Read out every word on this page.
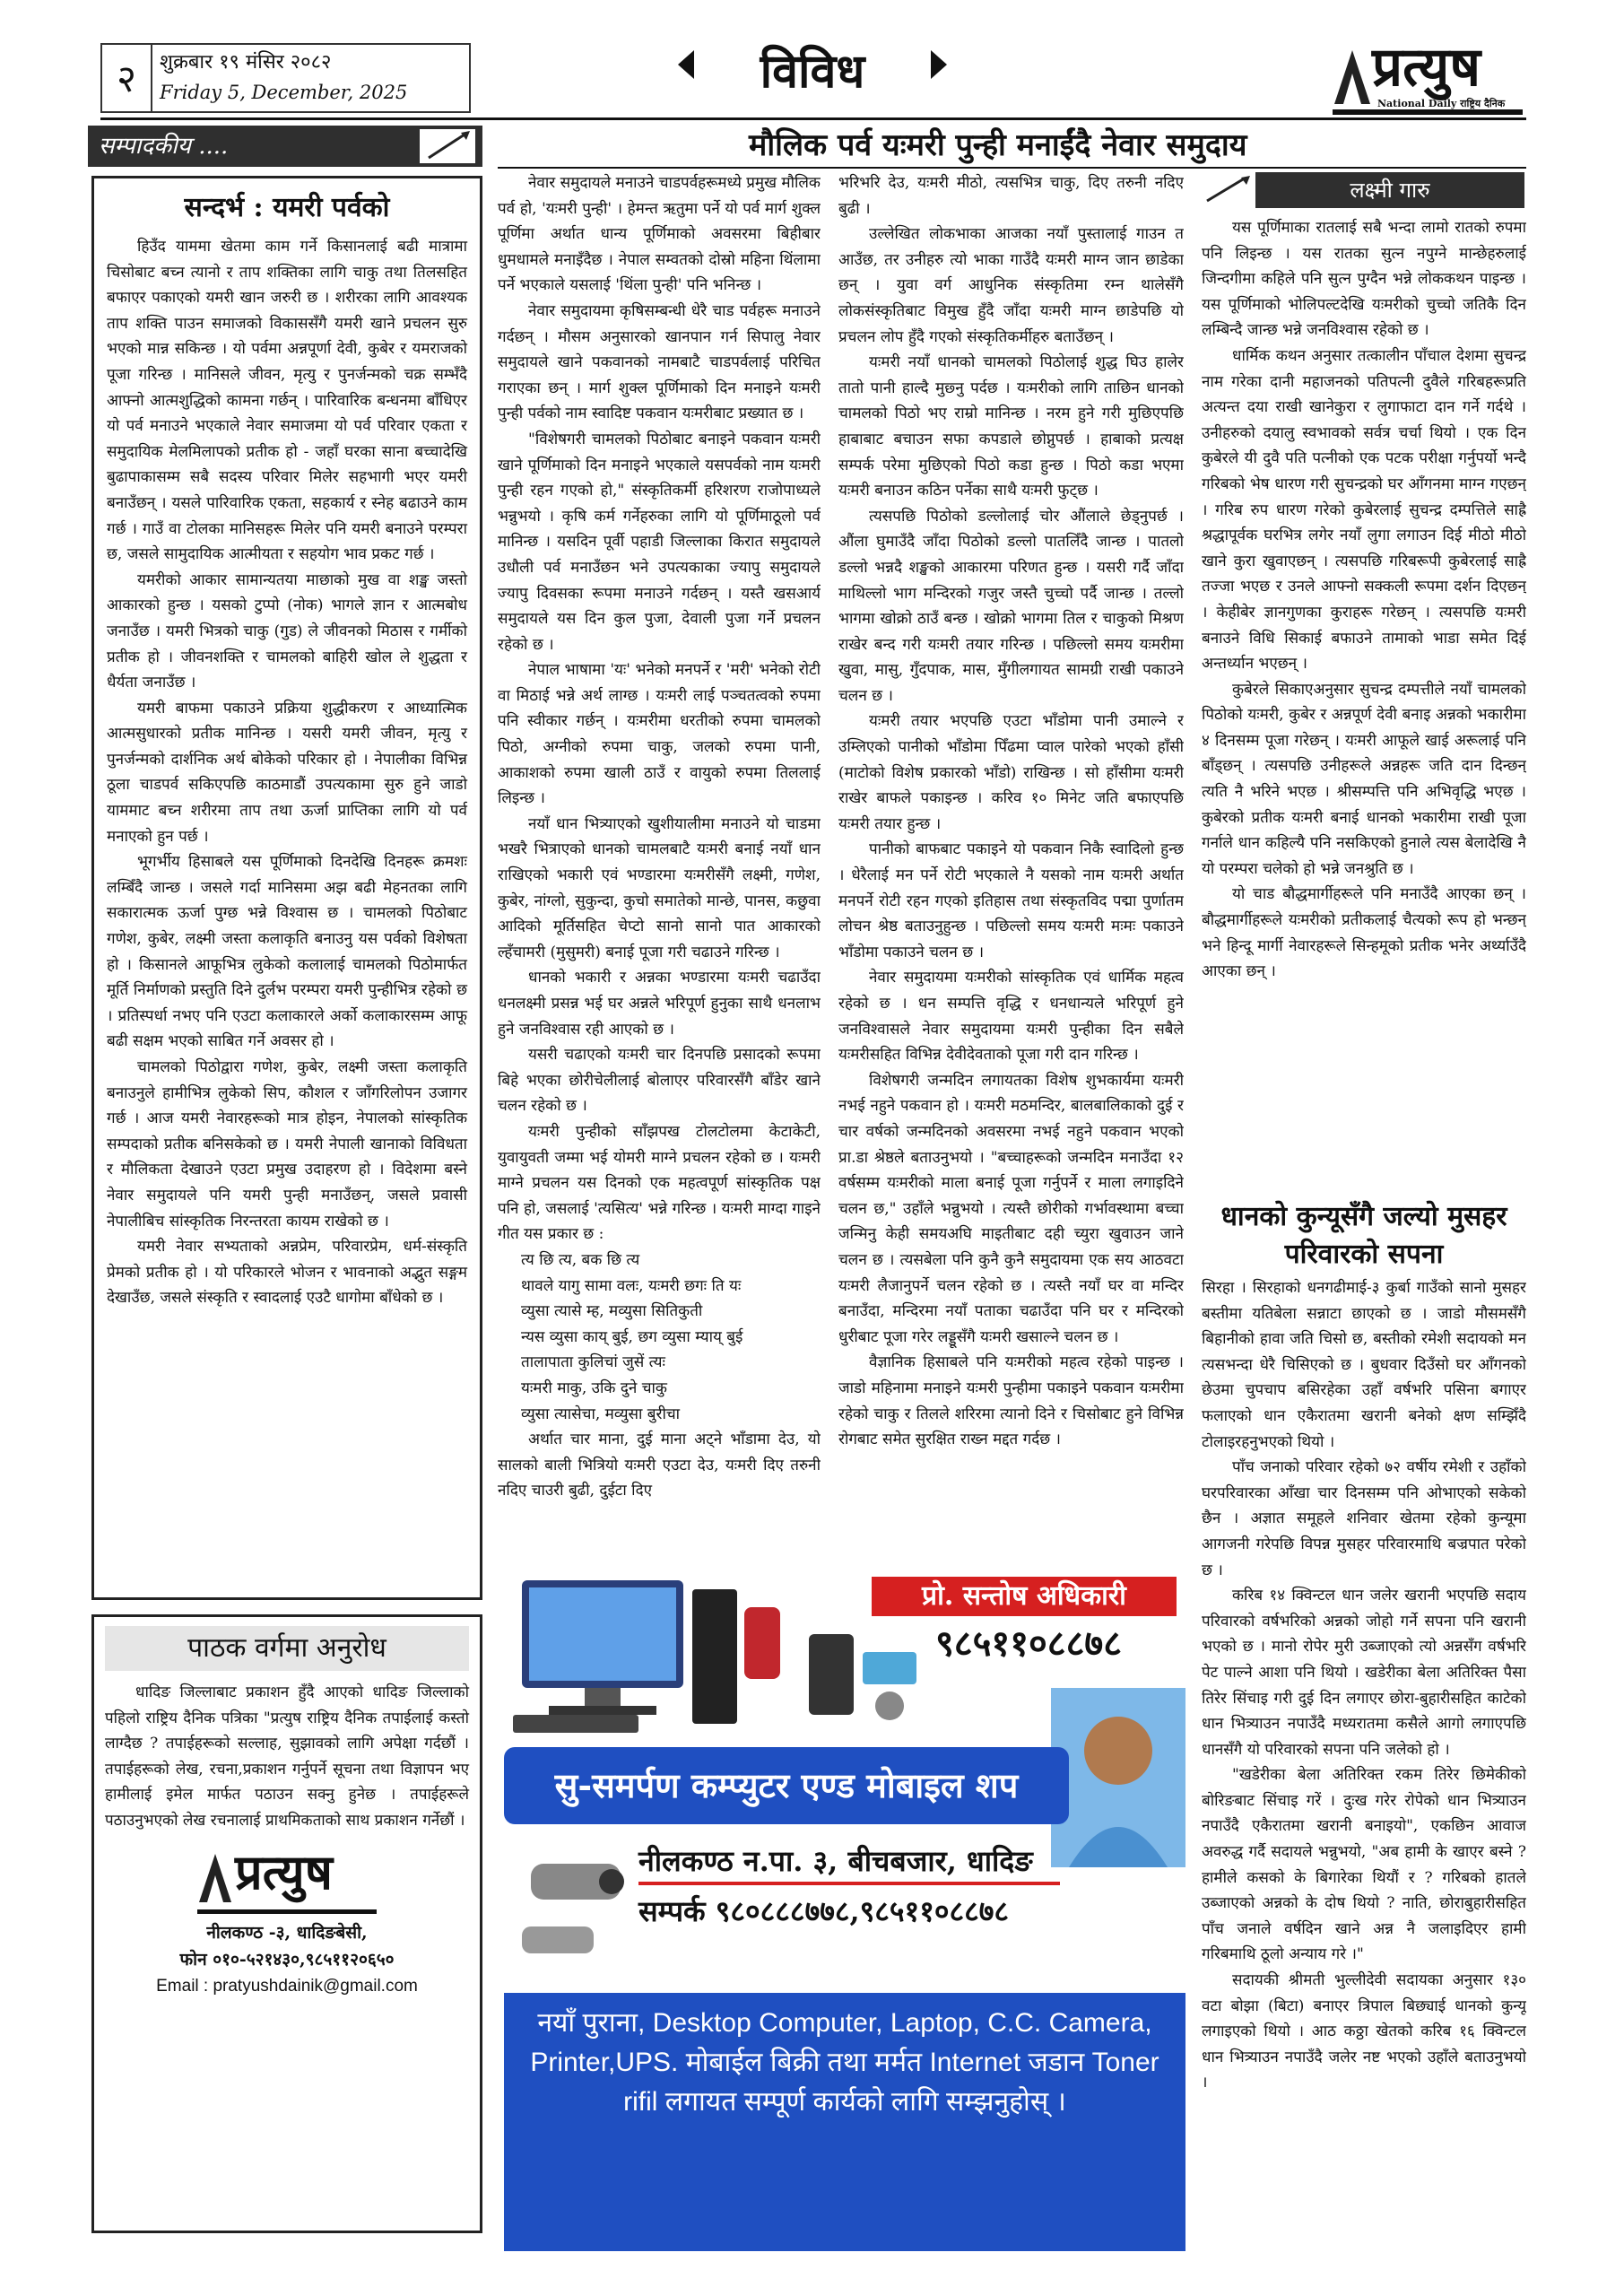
२	शुक्रबार १९ मंसिर २०८२
Friday 5, December, 2025	विविध	प्रत्युष
National Daily राष्ट्रिय दैनिक
मौलिक पर्व यःमरी पुन्ही मनाईंदै नेवार समुदाय
सम्पादकीय ....
सन्दर्भ : यमरी पर्वको

हिउँद याममा खेतमा काम गर्ने किसानलाई बढी मात्रामा चिसोबाट बच्न त्यानो र ताप शक्तिका लागि चाकु तथा तिलसहित बफाएर पकाएको यमरी खान जरुरी छ । शरीरका लागि आवश्यक ताप शक्ति पाउन समाजको विकाससँगै यमरी खाने प्रचलन सुरु भएको मान्न सकिन्छ । यो पर्वमा अन्नपूर्णा देवी, कुबेर र यमराजको पूजा गरिन्छ । मानिसले जीवन, मृत्यु र पुनर्जन्मको चक्र सम्भँदै आफ्नो आत्मशुद्धिको कामना गर्छन् । पारिवारिक बन्धनमा बाँधिएर यो पर्व मनाउने भएकाले नेवार समाजमा यो पर्व परिवार एकता र समुदायिक मेलमिलापको प्रतीक हो - जहाँ घरका साना बच्चादेखि बुढापाकासम्म सबै सदस्य परिवार मिलेर सहभागी भएर यमरी बनाउँछन् । यसले पारिवारिक एकता, सहकार्य र स्नेह बढाउने काम गर्छ । गाउँ वा टोलका मानिसहरू मिलेर पनि यमरी बनाउने परम्परा छ, जसले सामुदायिक आत्मीयता र सहयोग भाव प्रकट गर्छ ।

यमरीको आकार सामान्यतया माछाको मुख वा शङ्ख जस्तो आकारको हुन्छ । यसको टुप्पो (नोक) भागले ज्ञान र आत्मबोध जनाउँछ । यमरी भित्रको चाकु (गुड) ले जीवनको मिठास र गर्मीको प्रतीक हो । जीवनशक्ति र चामलको बाहिरी खोल ले शुद्धता र धैर्यता जनाउँछ ।

यमरी बाफमा पकाउने प्रक्रिया शुद्धीकरण र आध्यात्मिक आत्मसुधारको प्रतीक मानिन्छ । यसरी यमरी जीवन, मृत्यु र पुनर्जन्मको दार्शनिक अर्थ बोकेको परिकार हो । नेपालीका विभिन्न ठूला चाडपर्व सकिएपछि काठमाडौं उपत्यकामा सुरु हुने जाडो याममाट बच्न शरीरमा ताप तथा ऊर्जा प्राप्तिका लागि यो पर्व मनाएको हुन पर्छ ।

भूगर्भीय हिसाबले यस पूर्णिमाको दिनदेखि दिनहरू क्रमशः लम्बिँदै जान्छ । जसले गर्दा मानिसमा अझ बढी मेहनतका लागि सकारात्मक ऊर्जा पुग्छ भन्ने विश्वास छ । चामलको पिठोबाट गणेश, कुबेर, लक्ष्मी जस्ता कलाकृति बनाउनु यस पर्वको विशेषता हो । किसानले आफूभित्र लुकेको कलालाई चामलको पिठोमार्फत मूर्ति निर्माणको प्रस्तुति दिने दुर्लभ परम्परा यमरी पुन्हीभित्र रहेको छ । प्रतिस्पर्धा नभए पनि एउटा कलाकारले अर्को कलाकारसम्म आफू बढी सक्षम भएको साबित गर्ने अवसर हो ।

चामलको पिठोद्वारा गणेश, कुबेर, लक्ष्मी जस्ता कलाकृति बनाउनुले हामीभित्र लुकेको सिप, कौशल र जाँगरिलोपन उजागर गर्छ । आज यमरी नेवारहरूको मात्र होइन, नेपालको सांस्कृतिक सम्पदाको प्रतीक बनिसकेको छ । यमरी नेपाली खानाको विविधता र मौलिकता देखाउने एउटा प्रमुख उदाहरण हो । विदेशमा बस्ने नेवार समुदायले पनि यमरी पुन्ही मनाउँछन्, जसले प्रवासी नेपालीबिच सांस्कृतिक निरन्तरता कायम राखेको छ ।

यमरी नेवार सभ्यताको अन्नप्रेम, परिवारप्रेम, धर्म-संस्कृति प्रेमको प्रतीक हो । यो परिकारले भोजन र भावनाको अद्भुत सङ्गम देखाउँछ, जसले संस्कृति र स्वादलाई एउटै धागोमा बाँधेको छ ।

पाठक वर्गमा अनुरोध
धादिङ जिल्लाबाट प्रकाशन हुँदै आएको धादिङ जिल्लाको पहिलो राष्ट्रिय दैनिक पत्रिका "प्रत्युष राष्ट्रिय दैनिक तपाईलाई कस्तो लाग्दैछ ? तपाईहरूको सल्लाह, सुझावको लागि अपेक्षा गर्दछौं । तपाईहरूको लेख, रचना,प्रकाशन गर्नुपर्ने सूचना तथा विज्ञापन भए हामीलाई इमेल मार्फत पठाउन सक्नु हुनेछ । तपाईहरूले पठाउनुभएको लेख रचनालाई प्राथमिकताको साथ प्रकाशन गर्नेछौं ।
प्रत्युष
नीलकण्ठ -३, धादिङबेसी,
फोन ०१०-५२१४३०,९८५११२०६५०
Email : pratyushdainik@gmail.com

नेवार समुदायले मनाउने चाडपर्वहरूमध्ये प्रमुख मौलिक पर्व हो, 'यःमरी पुन्ही' । हेमन्त ऋतुमा पर्ने यो पर्व मार्ग शुक्ल पूर्णिमा अर्थात धान्य पूर्णिमाको अवसरमा बिहीबार धुमधामले मनाइँदैछ । नेपाल सम्वतको दोस्रो महिना थिंलामा पर्ने भएकाले यसलाई 'थिंला पुन्ही' पनि भनिन्छ ।

नेवार समुदायमा कृषिसम्बन्धी धेरै चाड पर्वहरू मनाउने गर्दछन् । मौसम अनुसारको खानपान गर्न सिपालु नेवार समुदायले खाने पकवानको नामबाटै चाडपर्वलाई परिचित गराएका छन् । मार्ग शुक्ल पूर्णिमाको दिन मनाइने यःमरी पुन्ही पर्वको नाम स्वादिष्ट पकवान यःमरीबाट प्रख्यात छ ।

"विशेषगरी चामलको पिठोबाट बनाइने पकवान यःमरी खाने पूर्णिमाको दिन मनाइने भएकाले यसपर्वको नाम यःमरी पुन्ही रहन गएको हो," संस्कृतिकर्मी हरिशरण राजोपाध्यले भन्नुभयो । कृषि कर्म गर्नेहरुका लागि यो पूर्णिमाठूलो पर्व मानिन्छ । यसदिन पूर्वी पहाडी जिल्लाका किरात समुदायले उधौली पर्व मनाउँछन भने उपत्यकाका ज्यापु समुदायले ज्यापु दिवसका रूपमा मनाउने गर्दछन् । यस्तै खसआर्य समुदायले यस दिन कुल पुजा, देवाली पुजा गर्ने प्रचलन रहेको छ ।

नेपाल भाषामा 'यः' भनेको मनपर्ने र 'मरी' भनेको रोटी वा मिठाई भन्ने अर्थ लाग्छ । यःमरी लाई पञ्चतत्वको रुपमा पनि स्वीकार गर्छन् । यःमरीमा धरतीको रुपमा चामलको पिठो, अग्नीको रुपमा चाकु, जलको रुपमा पानी, आकाशको रुपमा खाली ठाउँ र वायुको रुपमा तिललाई लिइन्छ ।

नयाँ धान भित्र्याएको खुशीयालीमा मनाउने यो चाडमा भखरै भित्राएको धानको चामलबाटै यःमरी बनाई नयाँ धान राखिएको भकारी एवं भण्डारमा यःमरीसँगै लक्ष्मी, गणेश, कुबेर, नांग्लो, सुकुन्दा, कुचो समातेको मान्छे, पानस, कछुवा आदिको मूर्तिसहित चेप्टो सानो सानो पात आकारको ल्हँचामरी (मुसुमरी) बनाई पूजा गरी चढाउने गरिन्छ ।

धानको भकारी र अन्नका भण्डारमा यःमरी चढाउँदा धनलक्ष्मी प्रसन्न भई घर अन्नले भरिपूर्ण हुनुका साथै धनलाभ हुने जनविश्वास रही आएको छ ।

यसरी चढाएको यःमरी चार दिनपछि प्रसादको रूपमा बिहे भएका छोरीचेलीलाई बोलाएर परिवारसँगै बाँडेर खाने चलन रहेको छ ।

यःमरी पुन्हीको साँझपख टोलटोलमा केटाकेटी, युवायुवती जम्मा भई योमरी माग्ने प्रचलन रहेको छ । यःमरी माग्ने प्रचलन यस दिनको एक महत्वपूर्ण सांस्कृतिक पक्ष पनि हो, जसलाई 'त्यसित्य' भन्ने गरिन्छ । यःमरी माग्दा गाइने गीत यस प्रकार छ :

त्य छि त्य, बक छि त्य
थावले यागु सामा वलः, यःमरी छगः ति यः
व्युसा त्यासे म्ह, मव्युसा सितिकुती
न्यस व्युसा काय् बुई, छग व्युसा म्याय् बुई
तालापाता कुलिचां जुसें त्यः
यःमरी माकु, उकि दुने चाकु
व्युसा त्यासेचा, मव्युसा बुरीचा

अर्थात चार माना, दुई माना अट्ने भाँडामा देउ, यो सालको बाली भित्रियो यःमरी एउटा देउ, यःमरी दिए तरुनी नदिए चाउरी बुढी, दुईटा दिए

भरिभरि देउ, यःमरी मीठो, त्यसभित्र चाकु, दिए तरुनी नदिए बुढी ।

उल्लेखित लोकभाका आजका नयाँ पुस्तालाई गाउन त आउँछ, तर उनीहरु त्यो भाका गाउँदै यःमरी माग्न जान छाडेका छन् । युवा वर्ग आधुनिक संस्कृतिमा रम्न थालेसँगै लोकसंस्कृतिबाट विमुख हुँदै जाँदा यःमरी माग्न छाडेपछि यो प्रचलन लोप हुँदै गएको संस्कृतिकर्मीहरु बताउँछन् ।

यःमरी नयाँ धानको चामलको पिठोलाई शुद्ध घिउ हालेर तातो पानी हाल्दै मुछ्नु पर्दछ । यःमरीको लागि ताछिन धानको चामलको पिठो भए राम्रो मानिन्छ । नरम हुने गरी मुछिएपछि हाबाबाट बचाउन सफा कपडाले छोप्नुपर्छ । हाबाको प्रत्यक्ष सम्पर्क परेमा मुछिएको पिठो कडा हुन्छ । पिठो कडा भएमा यःमरी बनाउन कठिन पर्नेका साथै यःमरी फुट्छ ।

त्यसपछि पिठोको डल्लोलाई चोर औंलाले छेड्नुपर्छ । औंला घुमाउँदै जाँदा पिठोको डल्लो पातलिँदै जान्छ । पातलो डल्लो भन्नदै शङ्खको आकारमा परिणत हुन्छ । यसरी गर्दै जाँदा माथिल्लो भाग मन्दिरको गजुर जस्तै चुच्चो पर्दै जान्छ । तल्लो भागमा खोक्रो ठाउँ बन्छ । खोक्रो भागमा तिल र चाकुको मिश्रण राखेर बन्द गरी यःमरी तयार गरिन्छ । पछिल्लो समय यःमरीमा खुवा, मासु, गुँदपाक, मास, मुँगीलगायत सामग्री राखी पकाउने चलन छ ।

यःमरी तयार भएपछि एउटा भाँडोमा पानी उमाल्ने र उम्लिएको पानीको भाँडोमा पिँढमा प्वाल पारेको भएको हाँसी (माटोको विशेष प्रकारको भाँडो) राखिन्छ । सो हाँसीमा यःमरी राखेर बाफले पकाइन्छ । करिव १० मिनेट जति बफाएपछि यःमरी तयार हुन्छ ।

पानीको बाफबाट पकाइने यो पकवान निकै स्वादिलो हुन्छ । धेरैलाई मन पर्ने रोटी भएकाले नै यसको नाम यःमरी अर्थात मनपर्ने रोटी रहन गएको इतिहास तथा संस्कृतविद पद्मा पुर्णातम लोचन श्रेष्ठ बताउनुहुन्छ । पछिल्लो समय यःमरी मःमः पकाउने भाँडोमा पकाउने चलन छ ।

नेवार समुदायमा यःमरीको सांस्कृतिक एवं धार्मिक महत्व रहेको छ । धन सम्पत्ति वृद्धि र धनधान्यले भरिपूर्ण हुने जनविश्वासले नेवार समुदायमा यःमरी पुन्हीका दिन सबैले यःमरीसहित विभिन्न देवीदेवताको पूजा गरी दान गरिन्छ ।

विशेषगरी जन्मदिन लगायतका विशेष शुभकार्यमा यःमरी नभई नहुने पकवान हो । यःमरी मठमन्दिर, बालबालिकाको दुई र चार वर्षको जन्मदिनको अवसरमा नभई नहुने पकवान भएको प्रा.डा श्रेष्ठले बताउनुभयो । "बच्चाहरूको जन्मदिन मनाउँदा १२ वर्षसम्म यःमरीको माला बनाई पूजा गर्नुपर्ने र माला लगाइदिने चलन छ," उहाँले भन्नुभयो । त्यस्तै छोरीको गर्भावस्थामा बच्चा जन्मिनु केही समयअघि माइतीबाट दही च्युरा खुवाउन जाने चलन छ । त्यसबेला पनि कुनै कुनै समुदायमा एक सय आठवटा यःमरी लैजानुपर्ने चलन रहेको छ । त्यस्तै नयाँ घर वा मन्दिर बनाउँदा, मन्दिरमा नयाँ पताका चढाउँदा पनि घर र मन्दिरको धुरीबाट पूजा गरेर लड्डूसँगै यःमरी खसाल्ने चलन छ ।

वैज्ञानिक हिसाबले पनि यःमरीको महत्व रहेको पाइन्छ । जाडो महिनामा मनाइने यःमरी पुन्हीमा पकाइने पकवान यःमरीमा रहेको चाकु र तिलले शरिरमा त्यानो दिने र चिसोबाट हुने विभिन्न रोगबाट समेत सुरक्षित राख्न मद्दत गर्दछ ।

लक्ष्मी गारु

यस पूर्णिमाका रातलाई सबै भन्दा लामो रातको रुपमा पनि लिइन्छ । यस रातका सुत्न नपुग्ने मान्छेहरुलाई जिन्दगीमा कहिले पनि सुत्न पुग्दैन भन्ने लोककथन पाइन्छ । यस पूर्णिमाको भोलिपल्टदेखि यःमरीको चुच्चो जतिकै दिन लम्बिन्दै जान्छ भन्ने जनविश्वास रहेको छ ।

धार्मिक कथन अनुसार तत्कालीन पाँचाल देशमा सुचन्द्र नाम गरेका दानी महाजनको पतिपत्नी दुवैले गरिबहरूप्रति अत्यन्त दया राखी खानेकुरा र लुगाफाटा दान गर्ने गर्दथे । उनीहरुको दयालु स्वभावको सर्वत्र चर्चा थियो । एक दिन कुबेरले यी दुवै पति पत्नीको एक पटक परीक्षा गर्नुपर्यो भन्दै गरिबको भेष धारण गरी सुचन्द्रको घर आँगनमा माग्न गएछन् । गरिब रुप धारण गरेको कुबेरलाई सुचन्द्र दम्पत्तिले साह्रै श्रद्धापूर्वक घरभित्र लगेर नयाँ लुगा लगाउन दिई मीठो मीठो खाने कुरा खुवाएछन् । त्यसपछि गरिबरूपी कुबेरलाई साह्रै तज्जा भएछ र उनले आफ्नो सक्कली रूपमा दर्शन दिएछन् । केहीबेर ज्ञानगुणका कुराहरू गरेछन् । त्यसपछि यःमरी बनाउने विधि सिकाई बफाउने तामाको भाडा समेत दिई अन्तर्ध्यान भएछन् ।

कुबेरले सिकाएअनुसार सुचन्द्र दम्पत्तीले नयाँ चामलको पिठोको यःमरी, कुबेर र अन्नपूर्ण देवी बनाइ अन्नको भकारीमा ४ दिनसम्म पूजा गरेछन् । यःमरी आफूले खाई अरूलाई पनि बाँड्छन् । त्यसपछि उनीहरूले अन्नहरू जति दान दिन्छन् त्यति नै भरिने भएछ । श्रीसम्पत्ति पनि अभिवृद्धि भएछ । कुबेरको प्रतीक यःमरी बनाई धानको भकारीमा राखी पूजा गर्नाले धान कहिल्यै पनि नसकिएको हुनाले त्यस बेलादेखि नै यो परम्परा चलेको हो भन्ने जनश्रुति छ ।

यो चाड बौद्धमार्गीहरूले पनि मनाउँदै आएका छन् । बौद्धमार्गीहरूले यःमरीको प्रतीकलाई चैत्यको रूप हो भन्छन् भने हिन्दू मार्गी नेवारहरूले सिन्हमूको प्रतीक भनेर अर्थ्याउँदै आएका छन् ।

धानको कुन्यूसँगै जल्यो मुसहर परिवारको सपना

सिरहा । सिरहाको धनगढीमाई-३ कुर्बा गाउँको सानो मुसहर बस्तीमा यतिबेला सन्नाटा छाएको छ । जाडो मौसमसँगै बिहानीको हावा जति चिसो छ, बस्तीको रमेशी सदायको मन त्यसभन्दा धेरै चिसिएको छ । बुधवार दिउँसो घर आँगनको छेउमा चुपचाप बसिरहेका उहाँ वर्षभरि पसिना बगाएर फलाएको धान एकैरातमा खरानी बनेको क्षण सम्झिँदै टोलाइरहनुभएको थियो ।

पाँच जनाको परिवार रहेको ७२ वर्षीय रमेशी र उहाँको घरपरिवारका आँखा चार दिनसम्म पनि ओभाएको सकेको छैन । अज्ञात समूहले शनिवार खेतमा रहेको कुन्यूमा आगजनी गरेपछि विपन्न मुसहर परिवारमाथि बज्रपात परेको छ ।

करिब १४ क्विन्टल धान जलेर खरानी भएपछि सदाय परिवारको वर्षभरिको अन्नको जोहो गर्ने सपना पनि खरानी भएको छ । मानो रोपेर मुरी उब्जाएको त्यो अन्नसँग वर्षभरि पेट पाल्ने आशा पनि थियो । खडेरीका बेला अतिरिक्त पैसा तिरेर सिंचाइ गरी दुई दिन लगाएर छोरा-बुहारीसहित काटेको धान भित्र्याउन नपाउँदै मध्यरातमा कसैले आगो लगाएपछि धानसँगै यो परिवारको सपना पनि जलेको हो ।

"खडेरीका बेला अतिरिक्त रकम तिरेर छिमेकीको बोरिङबाट सिंचाइ गरें । दुःख गरेर रोपेको धान भित्र्याउन नपाउँदै एकैरातमा खरानी बनाइयो", एकछिन आवाज अवरुद्ध गर्दै सदायले भन्नुभयो, "अब हामी के खाएर बस्ने ? हामीले कसको के बिगारेका थियौं र ? गरिबको हातले उब्जाएको अन्नको के दोष थियो ? नाति, छोराबुहारीसहित पाँच जनाले वर्षदिन खाने अन्न नै जलाइदिएर हामी गरिबमाथि ठूलो अन्याय गरे ।"

सदायकी श्रीमती भुल्लीदेवी सदायका अनुसार १३० वटा बोझा (बिटा) बनाएर त्रिपाल बिछ्याई धानको कुन्यू लगाइएको थियो । आठ कठ्ठा खेतको करिब १६ क्विन्टल धान भित्र्याउन नपाउँदै जलेर नष्ट भएको उहाँले बताउनुभयो ।

प्रो. सन्तोष अधिकारी
९८५११०८८७८
सु-समर्पण कम्प्युटर एण्ड मोबाइल शप
नीलकण्ठ न.पा. ३, बीचबजार, धादिङ
सम्पर्क ९८०८८८७७८,९८५११०८८७८
नयाँ पुराना, Desktop Computer, Laptop, C.C. Camera, Printer,UPS. मोबाईल बिक्री तथा मर्मत Internet जडान Toner rifil लगायत सम्पूर्ण कार्यको लागि सम्झनुहोस् ।
